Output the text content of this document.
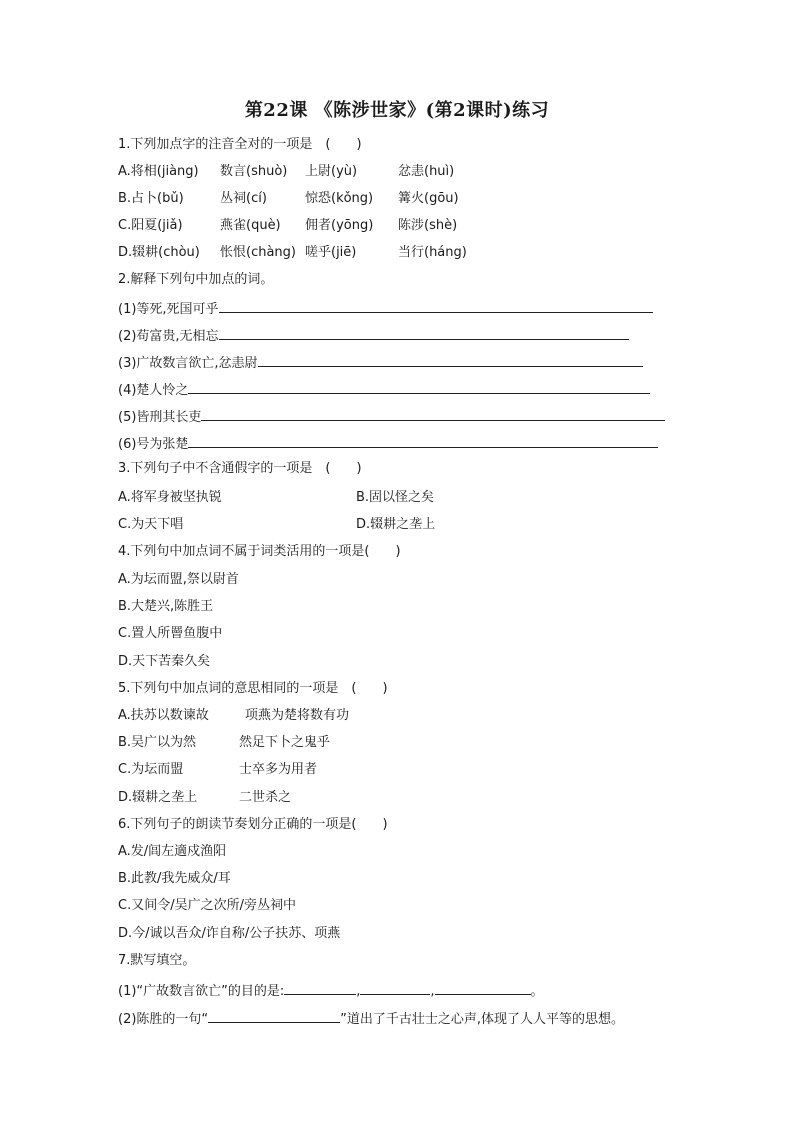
第22课 《陈涉世家》(第2课时)练习
1.下列加点字的注音全对的一项是　(　　)
A.将相(jiàng) 数言(shuò) 上尉(yù)	忿恚(huì)
B.占卜(bǔ)	丛祠(cí)	惊恐(kǒng) 篝火(gōu)
C.阳夏(jiǎ)	燕雀(què) 佣者(yōng) 陈涉(shè)
D.辍耕(chòu) 怅恨(chàng) 嗟乎(jiē)	当行(háng)
2.解释下列句中加点的词。
(1)等死,死国可乎
(2)苟富贵,无相忘
(3)广故数言欲亡,忿恚尉
(4)楚人怜之
(5)皆刑其长吏
(6)号为张楚
3.下列句子中不含通假字的一项是　(　　)
A.将军身被坚执锐	B.固以怪之矣
C.为天下唱	D.辍耕之垄上
4.下列句中加点词不属于词类活用的一项是(　　)
A.为坛而盟,祭以尉首
B.大楚兴,陈胜王
C.置人所罾鱼腹中
D.天下苦秦久矣
5.下列句中加点词的意思相同的一项是　(　　)
A.扶苏以数谏故	项燕为楚将数有功
B.吴广以为然	然足下卜之鬼乎
C.为坛而盟	士卒多为用者
D.辍耕之垄上	二世杀之
6.下列句子的朗读节奏划分正确的一项是(　　)
A.发/闾左適戍渔阳
B.此教/我先威众/耳
C.又间令/吴广之次所/旁丛祠中
D.今/诚以吾众/诈自称/公子扶苏、项燕
7.默写填空。
(1)“广故数言欲亡”的目的是:	,	,	。
(2)陈胜的一句“	”道出了千古壮士之心声,体现了人人平等的思想。
